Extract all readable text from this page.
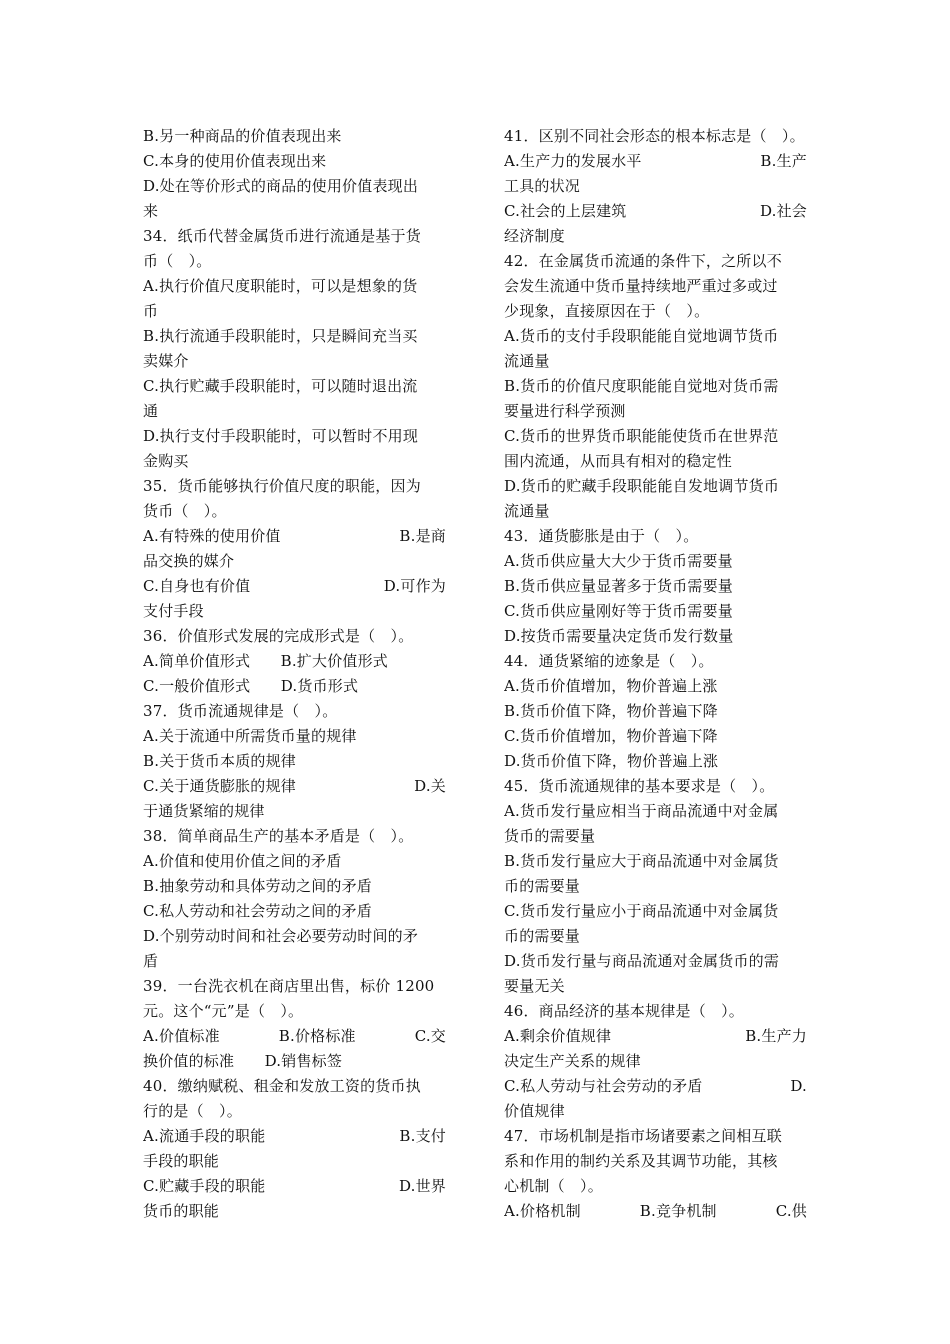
B.另一种商品的价值表现出来
C.本身的使用价值表现出来
D.处在等价形式的商品的使用价值表现出
来
34．纸币代替金属货币进行流通是基于货
币（　）。
A.执行价值尺度职能时，可以是想象的货
币
B.执行流通手段职能时，只是瞬间充当买
卖媒介
C.执行贮藏手段职能时，可以随时退出流
通
D.执行支付手段职能时，可以暂时不用现
金购买
35．货币能够执行价值尺度的职能，因为
货币（　）。
A.有特殊的使用价值	B.是商
品交换的媒介
C.自身也有价值	D.可作为
支付手段
36．价值形式发展的完成形式是（　）。
A.简单价值形式　　B.扩大价值形式
C.一般价值形式　　D.货币形式
37．货币流通规律是（　）。
A.关于流通中所需货币量的规律
B.关于货币本质的规律
C.关于通货膨胀的规律	D.关
于通货紧缩的规律
38．简单商品生产的基本矛盾是（　）。
A.价值和使用价值之间的矛盾
B.抽象劳动和具体劳动之间的矛盾
C.私人劳动和社会劳动之间的矛盾
D.个别劳动时间和社会必要劳动时间的矛
盾
39．一台洗衣机在商店里出售，标价 1200
元。这个“元”是（　）。
A.价值标准	B.价格标准	C.交
换价值的标准　　D.销售标签
40．缴纳赋税、租金和发放工资的货币执
行的是（　）。
A.流通手段的职能	B.支付
手段的职能
C.贮藏手段的职能	D.世界
货币的职能
41．区别不同社会形态的根本标志是（　）。
A.生产力的发展水平	B.生产
工具的状况
C.社会的上层建筑	D.社会
经济制度
42．在金属货币流通的条件下，之所以不
会发生流通中货币量持续地严重过多或过
少现象，直接原因在于（　）。
A.货币的支付手段职能能自觉地调节货币
流通量
B.货币的价值尺度职能能自觉地对货币需
要量进行科学预测
C.货币的世界货币职能能使货币在世界范
围内流通，从而具有相对的稳定性
D.货币的贮藏手段职能能自发地调节货币
流通量
43．通货膨胀是由于（　）。
A.货币供应量大大少于货币需要量
B.货币供应量显著多于货币需要量
C.货币供应量刚好等于货币需要量
D.按货币需要量决定货币发行数量
44．通货紧缩的迹象是（　）。
A.货币价值增加，物价普遍上涨
B.货币价值下降，物价普遍下降
C.货币价值增加，物价普遍下降
D.货币价值下降，物价普遍上涨
45．货币流通规律的基本要求是（　）。
A.货币发行量应相当于商品流通中对金属
货币的需要量
B.货币发行量应大于商品流通中对金属货
币的需要量
C.货币发行量应小于商品流通中对金属货
币的需要量
D.货币发行量与商品流通对金属货币的需
要量无关
46．商品经济的基本规律是（　）。
A.剩余价值规律	B.生产力
决定生产关系的规律
C.私人劳动与社会劳动的矛盾	D.
价值规律
47．市场机制是指市场诸要素之间相互联
系和作用的制约关系及其调节功能，其核
心机制（　）。
A.价格机制	B.竞争机制	C.供
